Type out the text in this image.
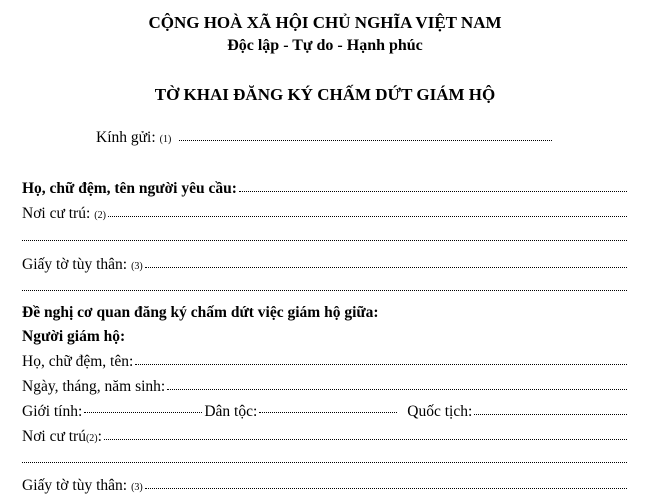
CỘNG HOÀ XÃ HỘI CHỦ NGHĨA VIỆT NAM
Độc lập - Tự do - Hạnh phúc
TỜ KHAI ĐĂNG KÝ CHẤM DỨT GIÁM HỘ
Kính gửi: (1)
Họ, chữ đệm, tên người yêu cầu:
Nơi cư trú: (2)
Giấy tờ tùy thân: (3)
Đề nghị cơ quan đăng ký chấm dứt việc giám hộ giữa:
Người giám hộ:
Họ, chữ đệm, tên:
Ngày, tháng, năm sinh:
Giới tính:	Dân tộc:	Quốc tịch:
Nơi cư trú (2) :
Giấy tờ tùy thân: (3)
